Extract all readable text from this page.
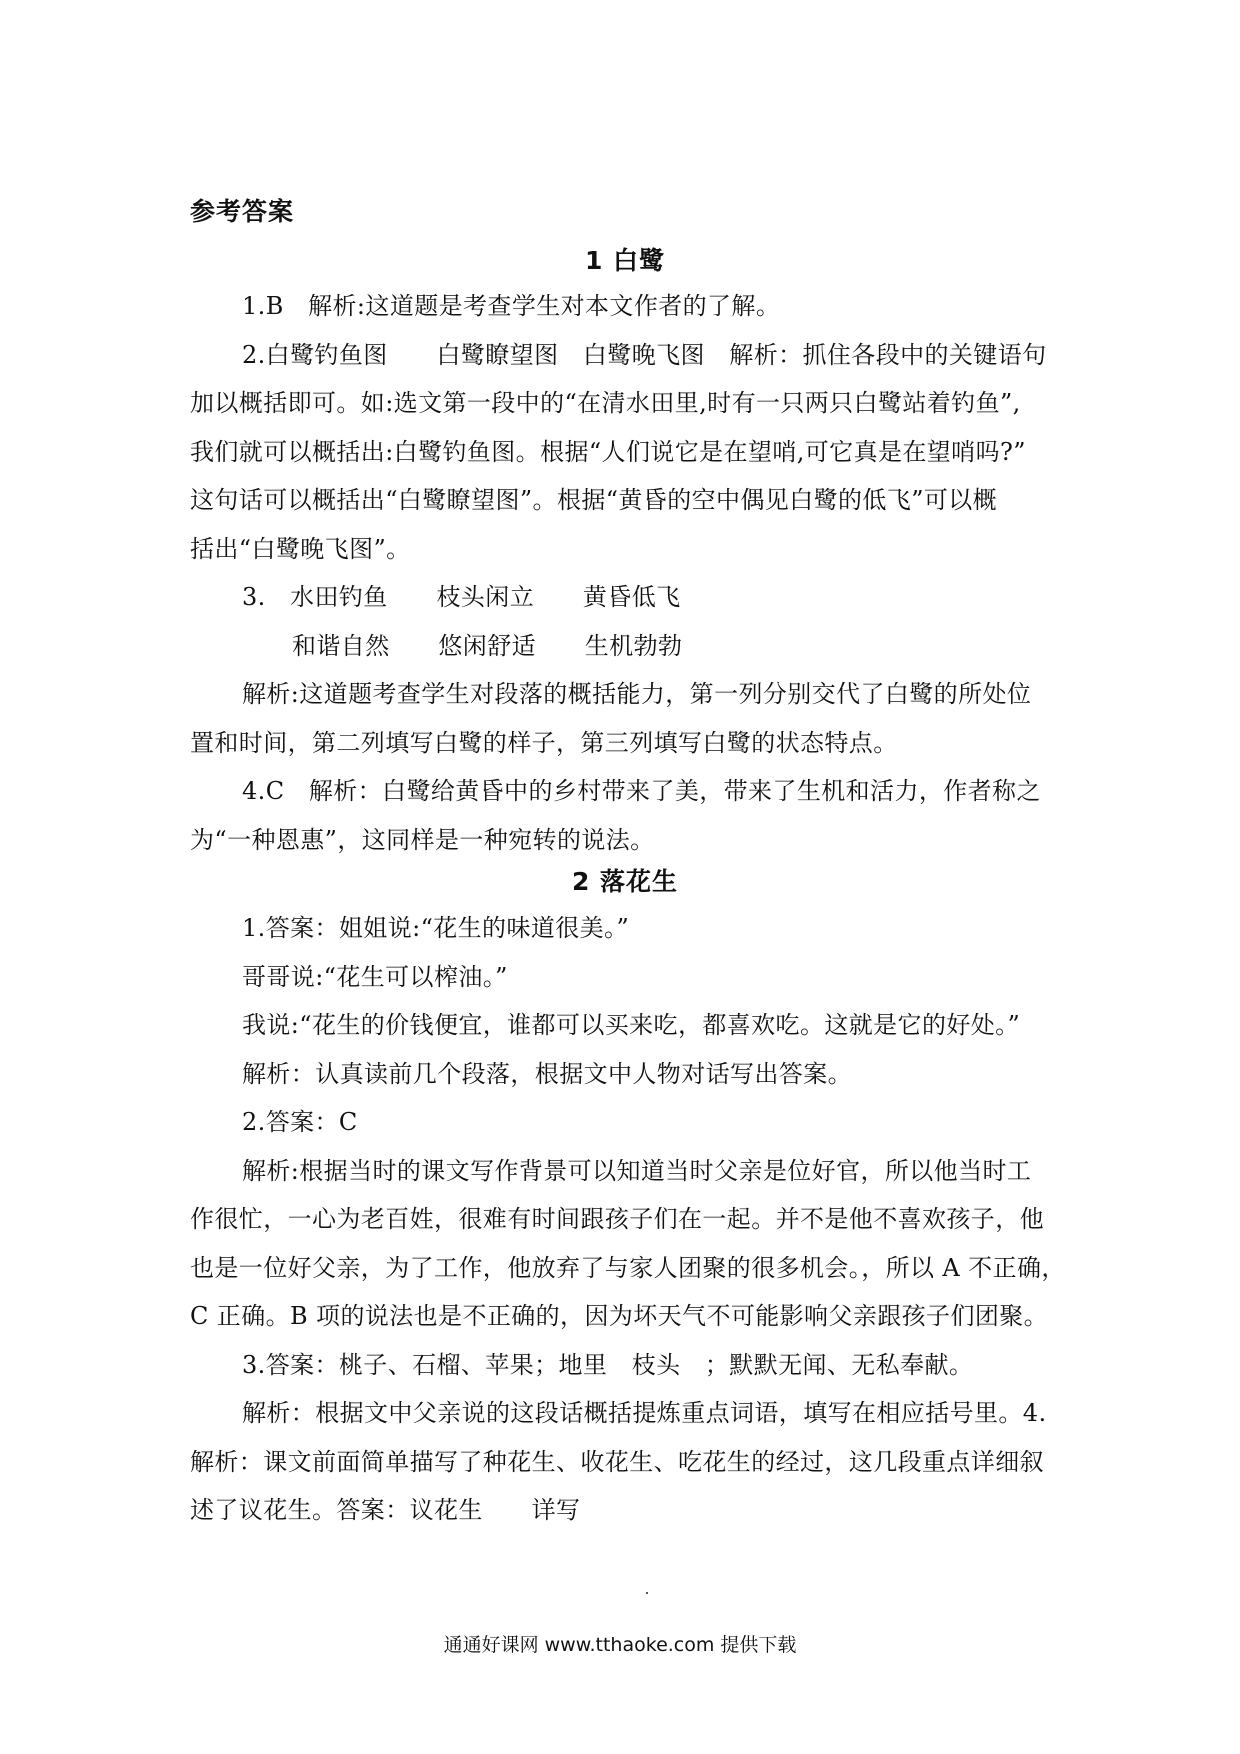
参考答案
1 白鹭
1.B　解析:这道题是考查学生对本文作者的了解。
2.白鹭钓鱼图　　白鹭瞭望图　白鹭晚飞图　解析：抓住各段中的关键语句
加以概括即可。如:选文第一段中的“在清水田里,时有一只两只白鹭站着钓鱼”,
我们就可以概括出:白鹭钓鱼图。根据“人们说它是在望哨,可它真是在望哨吗?”
这句话可以概括出“白鹭瞭望图”。根据“黄昏的空中偶见白鹭的低飞”可以概
括出“白鹭晚飞图”。
3.　水田钓鱼　　枝头闲立　　黄昏低飞
和谐自然　　悠闲舒适　　生机勃勃
解析:这道题考查学生对段落的概括能力，第一列分别交代了白鹭的所处位
置和时间，第二列填写白鹭的样子，第三列填写白鹭的状态特点。
4.C　解析：白鹭给黄昏中的乡村带来了美，带来了生机和活力，作者称之
为“一种恩惠”，这同样是一种宛转的说法。
2 落花生
1.答案：姐姐说:“花生的味道很美。”
哥哥说:“花生可以榨油。”
我说:“花生的价钱便宜，谁都可以买来吃，都喜欢吃。这就是它的好处。”
解析：认真读前几个段落，根据文中人物对话写出答案。
2.答案：C
解析:根据当时的课文写作背景可以知道当时父亲是位好官，所以他当时工
作很忙，一心为老百姓，很难有时间跟孩子们在一起。并不是他不喜欢孩子，他
也是一位好父亲，为了工作，他放弃了与家人团聚的很多机会。，所以 A 不正确，
C 正确。B 项的说法也是不正确的，因为坏天气不可能影响父亲跟孩子们团聚。
3.答案：桃子、石榴、苹果；地里　枝头　；默默无闻、无私奉献。
解析：根据文中父亲说的这段话概括提炼重点词语，填写在相应括号里。4.
解析：课文前面简单描写了种花生、收花生、吃花生的经过，这几段重点详细叙
述了议花生。答案：议花生　　详写
通通好课网 www.tthaoke.com 提供下载
